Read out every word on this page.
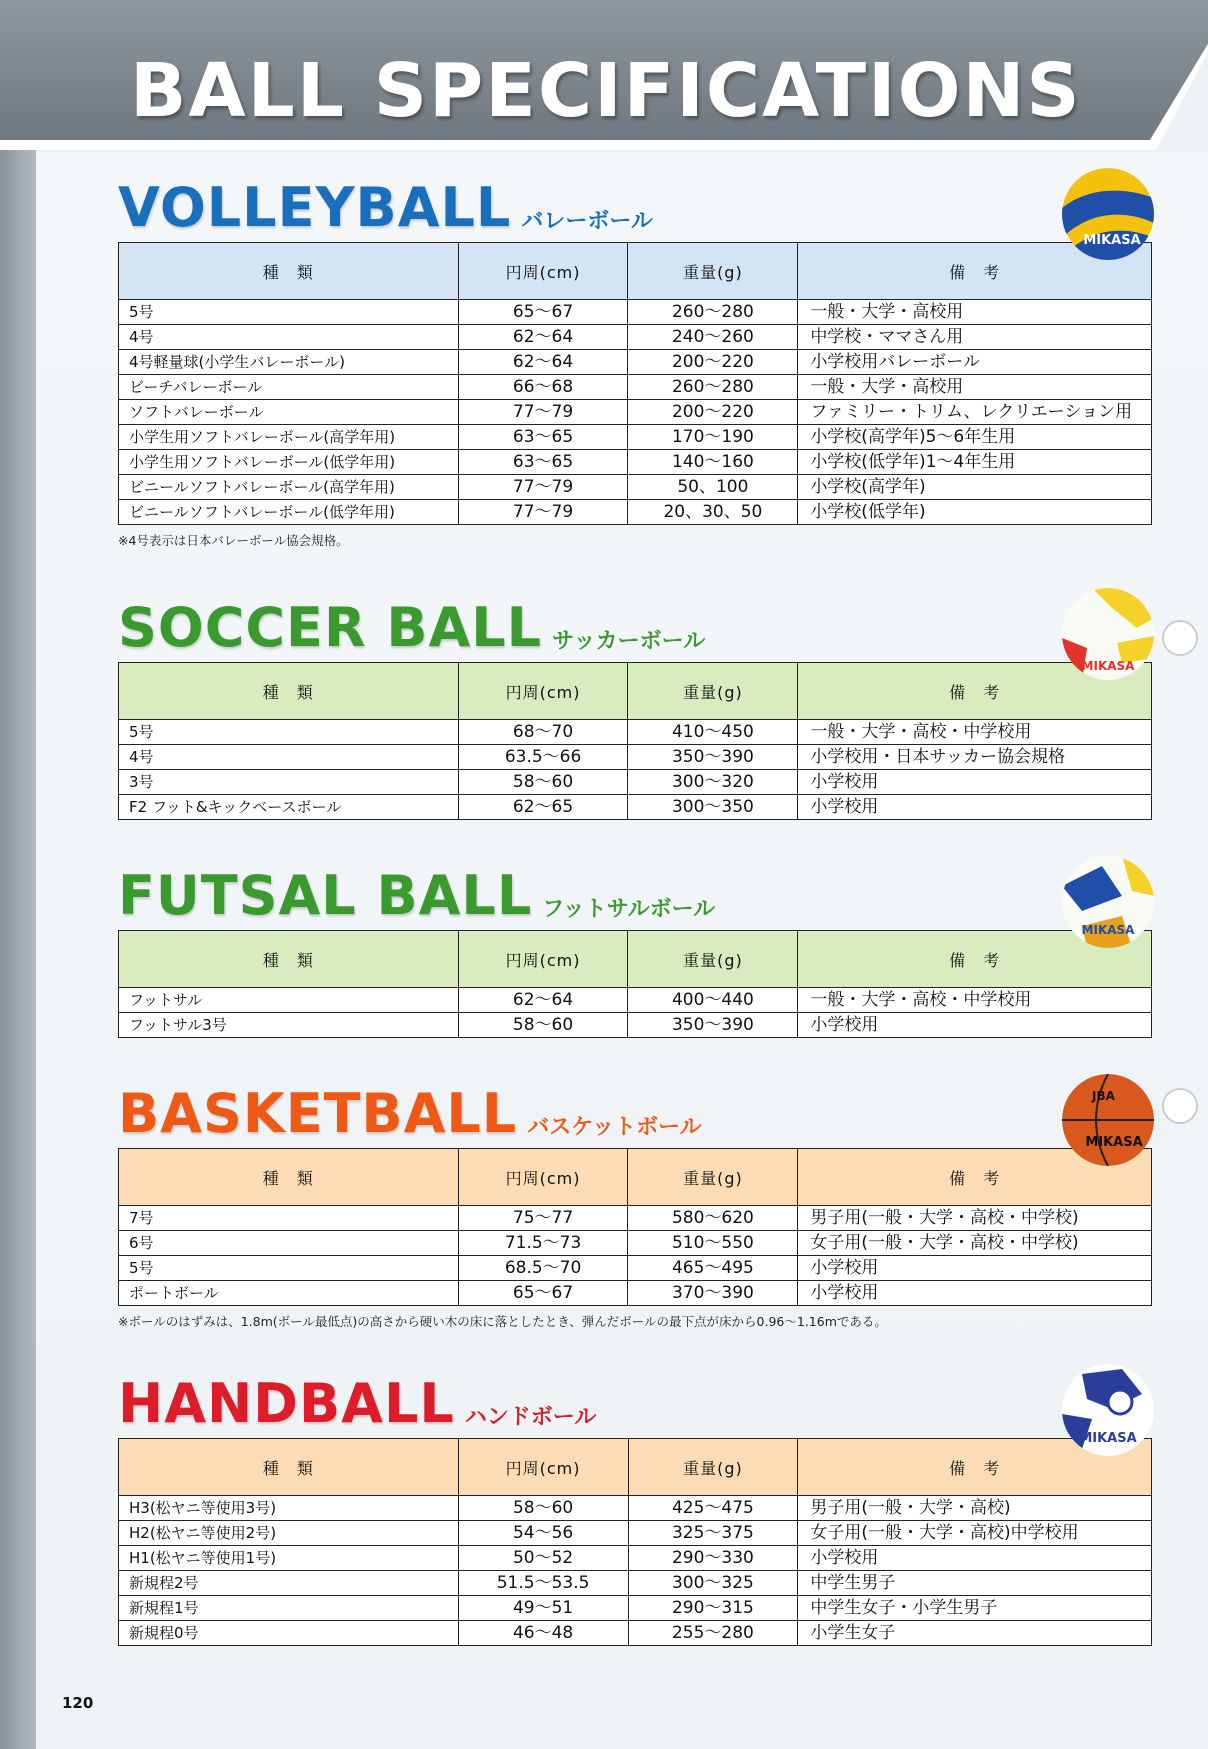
BALL SPECIFICATIONS
VOLLEYBALL バレーボール
MIKASA
種　類	円周(cm)	重量(g)	備　考
5号	65〜67	260〜280	一般・大学・高校用
4号	62〜64	240〜260	中学校・ママさん用
4号軽量球(小学生バレーボール)	62〜64	200〜220	小学校用バレーボール
ビーチバレーボール	66〜68	260〜280	一般・大学・高校用
ソフトバレーボール	77〜79	200〜220	ファミリー・トリム、レクリエーション用
小学生用ソフトバレーボール(高学年用)	63〜65	170〜190	小学校(高学年)5〜6年生用
小学生用ソフトバレーボール(低学年用)	63〜65	140〜160	小学校(低学年)1〜4年生用
ビニールソフトバレーボール(高学年用)	77〜79	50、100	小学校(高学年)
ビニールソフトバレーボール(低学年用)	77〜79	20、30、50	小学校(低学年)
※4号表示は日本バレーボール協会規格。
SOCCER BALL サッカーボール
MIKASA
種　類	円周(cm)	重量(g)	備　考
5号	68〜70	410〜450	一般・大学・高校・中学校用
4号	63.5〜66	350〜390	小学校用・日本サッカー協会規格
3号	58〜60	300〜320	小学校用
F2 フット&キックベースボール	62〜65	300〜350	小学校用
FUTSAL BALL フットサルボール
MIKASA
種　類	円周(cm)	重量(g)	備　考
フットサル	62〜64	400〜440	一般・大学・高校・中学校用
フットサル3号	58〜60	350〜390	小学校用
BASKETBALL バスケットボール
JBA
MIKASA
種　類	円周(cm)	重量(g)	備　考
7号	75〜77	580〜620	男子用(一般・大学・高校・中学校)
6号	71.5〜73	510〜550	女子用(一般・大学・高校・中学校)
5号	68.5〜70	465〜495	小学校用
ポートボール	65〜67	370〜390	小学校用
※ボールのはずみは、1.8m(ボール最低点)の高さから硬い木の床に落としたとき、弾んだボールの最下点が床から0.96〜1.16mである。
HANDBALL ハンドボール
MIKASA
種　類	円周(cm)	重量(g)	備　考
H3(松ヤニ等使用3号)	58〜60	425〜475	男子用(一般・大学・高校)
H2(松ヤニ等使用2号)	54〜56	325〜375	女子用(一般・大学・高校)中学校用
H1(松ヤニ等使用1号)	50〜52	290〜330	小学校用
新規程2号	51.5〜53.5	300〜325	中学生男子
新規程1号	49〜51	290〜315	中学生女子・小学生男子
新規程0号	46〜48	255〜280	小学生女子
120
